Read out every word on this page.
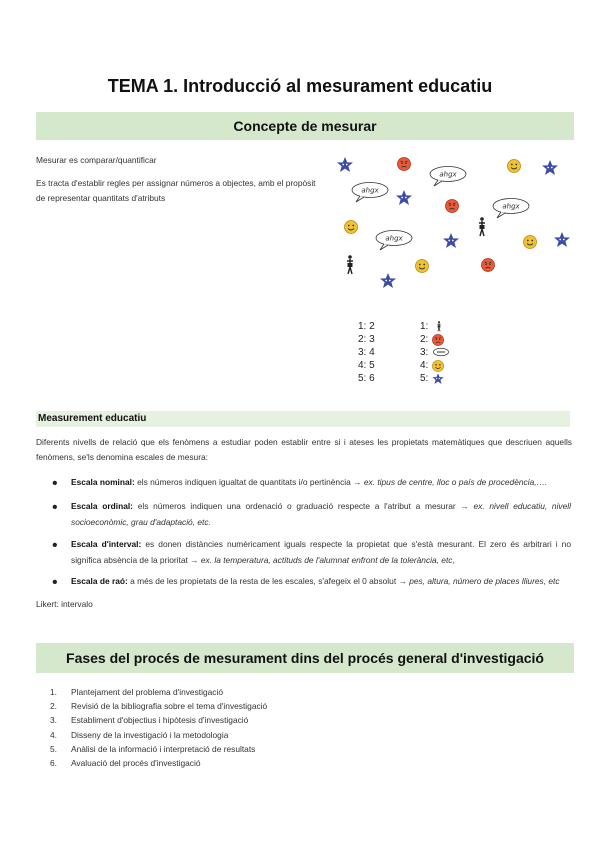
TEMA 1. Introducció al mesurament educatiu
Concepte de mesurar
Mesurar es comparar/quantificar
Es tracta d'establir regles per assignar números a objectes, amb el propòsit de representar quantitats d'atributs
ahgx
ahgx
ahgx
ahgx
1: 2	1:
2: 3	2:
3: 4	3:
4: 5	4:
5: 6	5:
Measurement educatiu
Diferents nivells de relació que els fenòmens a estudiar poden establir entre si i ateses les propietats matemàtiques que descriuen aquells fenòmens, se'ls denomina escales de mesura:
• Escala nominal: els números indiquen igualtat de quantitats i/o pertinència → ex. tipus de centre, lloc o país de procedència,….
• Escala ordinal: els números indiquen una ordenació o graduació respecte a l'atribut a mesurar → ex. nivell educatiu, nivell socioeconòmic, grau d'adaptació, etc.
• Escala d'interval: es donen distàncies numèricament iguals respecte la propietat que s'està mesurant. El zero és arbitrari i no significa absència de la prioritat → ex. la temperatura, actituds de l'alumnat enfront de la tolerància, etc,
• Escala de raó: a més de les propietats de la resta de les escales, s'afegeix el 0 absolut → pes, altura, número de places lliures, etc
Likert: intervalo
Fases del procés de mesurament dins del procés general d'investigació
1. Plantejament del problema d'investigació
2. Revisió de la bibliografia sobre el tema d'investigació
3. Establiment d'objectius i hipòtesis d'investigació
4. Disseny de la investigació i la metodologia
5. Anàlisi de la informació i interpretació de resultats
6. Avaluació del procés d'investigació
